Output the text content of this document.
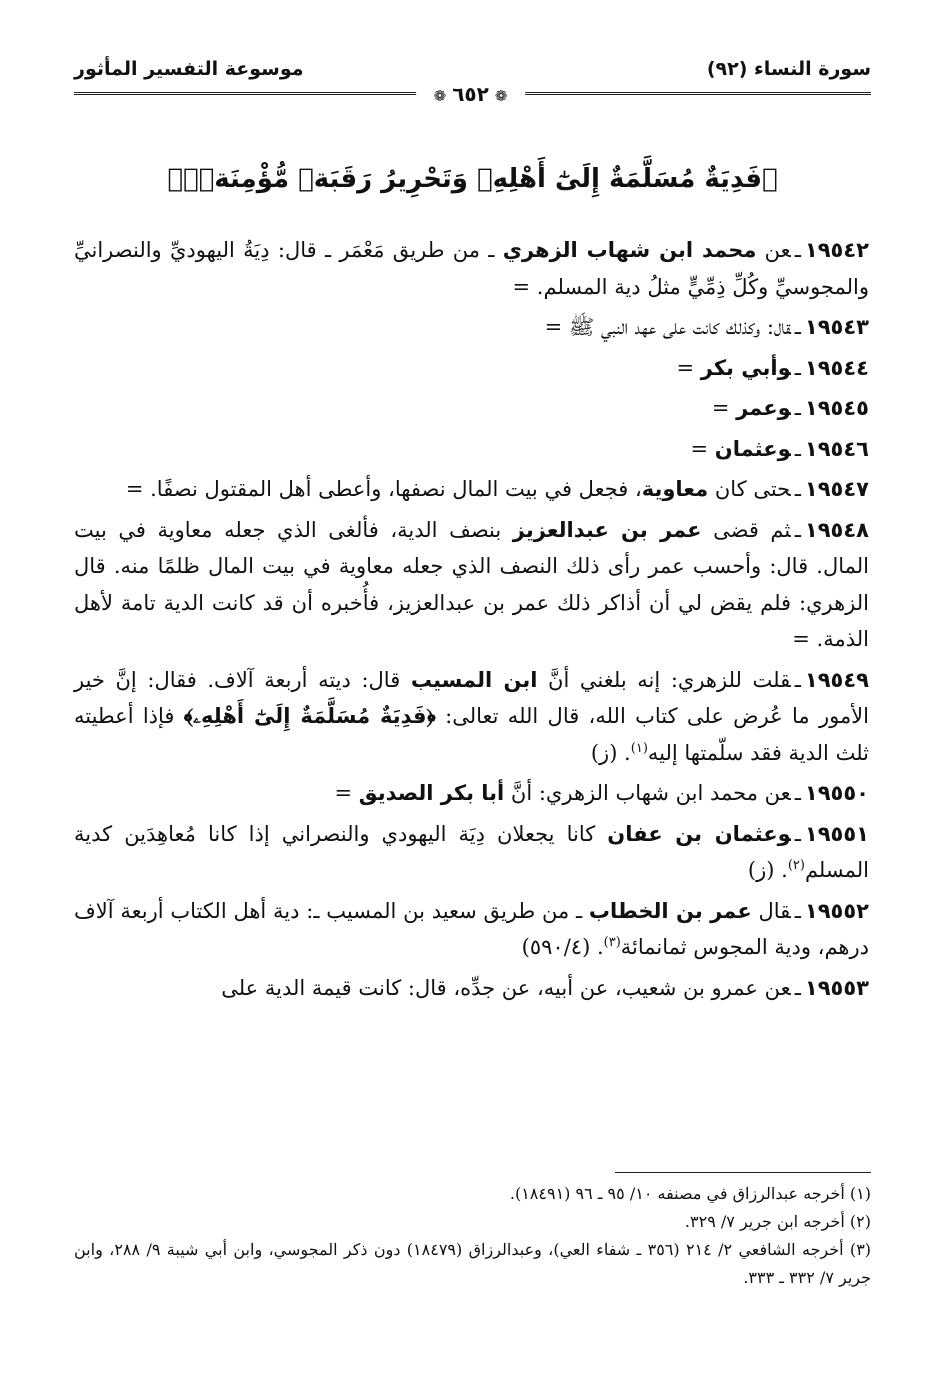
سورة النساء (٩٢)
موسوعة التفسير المأثور
❁٦٥٢❁
﴿فَدِيَةٌ مُسَلَّمَةٌ إِلَىٰٓ أَهْلِهِۦ وَتَحْرِيرُ رَقَبَةٖ مُّؤْمِنَةٖۖ﴾

١٩٥٤٢ـعن محمد ابن شهاب الزهري ـ من طريق مَعْمَر ـ قال: دِيَةُ اليهوديِّ والنصرانيِّ والمجوسيِّ وكُلِّ ذِمِّيٍّ مثلُ دية المسلم. =

١٩٥٤٣ـقال: وكذلك كانت على عهد النبي ﷺ =

١٩٥٤٤ـوأبي بكر =

١٩٥٤٥ـوعمر =

١٩٥٤٦ـوعثمان =

١٩٥٤٧ـحتى كان معاوية، فجعل في بيت المال نصفها، وأعطى أهل المقتول نصفًا. =

١٩٥٤٨ـثم قضى عمر بن عبدالعزيز بنصف الدية، فألغى الذي جعله معاوية في بيت المال. قال: وأحسب عمر رأى ذلك النصف الذي جعله معاوية في بيت المال ظلمًا منه. قال الزهري: فلم يقض لي أن أذاكر ذلك عمر بن عبدالعزيز، فأُخبره أن قد كانت الدية تامة لأهل الذمة. =

١٩٥٤٩ـقلت للزهري: إنه بلغني أنَّ ابن المسيب قال: ديته أربعة آلاف. فقال: إنَّ خير الأمور ما عُرض على كتاب الله، قال الله تعالى: ﴿فَدِيَةٌ مُسَلَّمَةٌ إِلَىٰٓ أَهْلِهِۦ﴾ فإذا أعطيته ثلث الدية فقد سلّمتها إليه$^{(١)}$. (ز)

١٩٥٥٠ـعن محمد ابن شهاب الزهري: أنَّ أبا بكر الصديق =

١٩٥٥١ـوعثمان بن عفان كانا يجعلان دِيَة اليهودي والنصراني إذا كانا مُعاهِدَين كدية المسلم$^{(٢)}$. (ز)

١٩٥٥٢ـقال عمر بن الخطاب ـ من طريق سعيد بن المسيب ـ: دية أهل الكتاب أربعة آلاف درهم، ودية المجوس ثمانمائة$^{(٣)}$. (٥٩٠/٤)

١٩٥٥٣ـعن عمرو بن شعيب، عن أبيه، عن جدِّه، قال: كانت قيمة الدية على

(١) أخرجه عبدالرزاق في مصنفه ١٠/ ٩٥ ـ ٩٦ (١٨٤٩١).

(٢) أخرجه ابن جرير ٧/ ٣٢٩.

(٣) أخرجه الشافعي ٢/ ٢١٤ (٣٥٦ ـ شفاء العي)، وعبدالرزاق (١٨٤٧٩) دون ذكر المجوسي، وابن أبي شيبة ٩/ ٢٨٨، وابن جرير ٧/ ٣٣٢ ـ ٣٣٣.
